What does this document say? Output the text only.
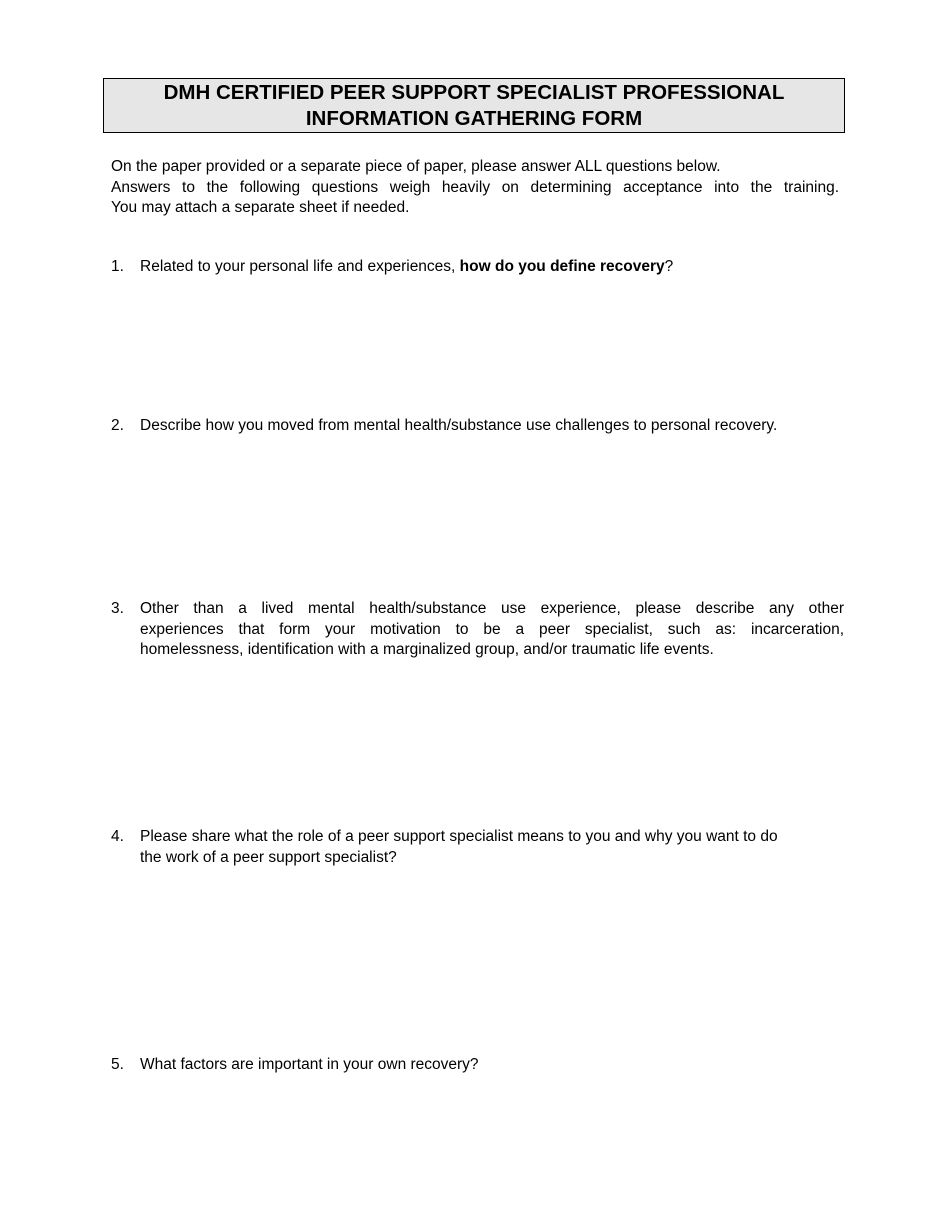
DMH CERTIFIED PEER SUPPORT SPECIALIST PROFESSIONAL
INFORMATION GATHERING FORM
On the paper provided or a separate piece of paper, please answer ALL questions below.
Answers to the following questions weigh heavily on determining acceptance into the training.
You may attach a separate sheet if needed.
1.	Related to your personal life and experiences, how do you define recovery?
2.	Describe how you moved from mental health/substance use challenges to personal recovery.
3.	Other than a lived mental health/substance use experience, please describe any other
experiences that form your motivation to be a peer specialist, such as: incarceration,
homelessness, identification with a marginalized group, and/or traumatic life events.
4.	Please share what the role of a peer support specialist means to you and why you want to do
the work of a peer support specialist?
5.	What factors are important in your own recovery?
